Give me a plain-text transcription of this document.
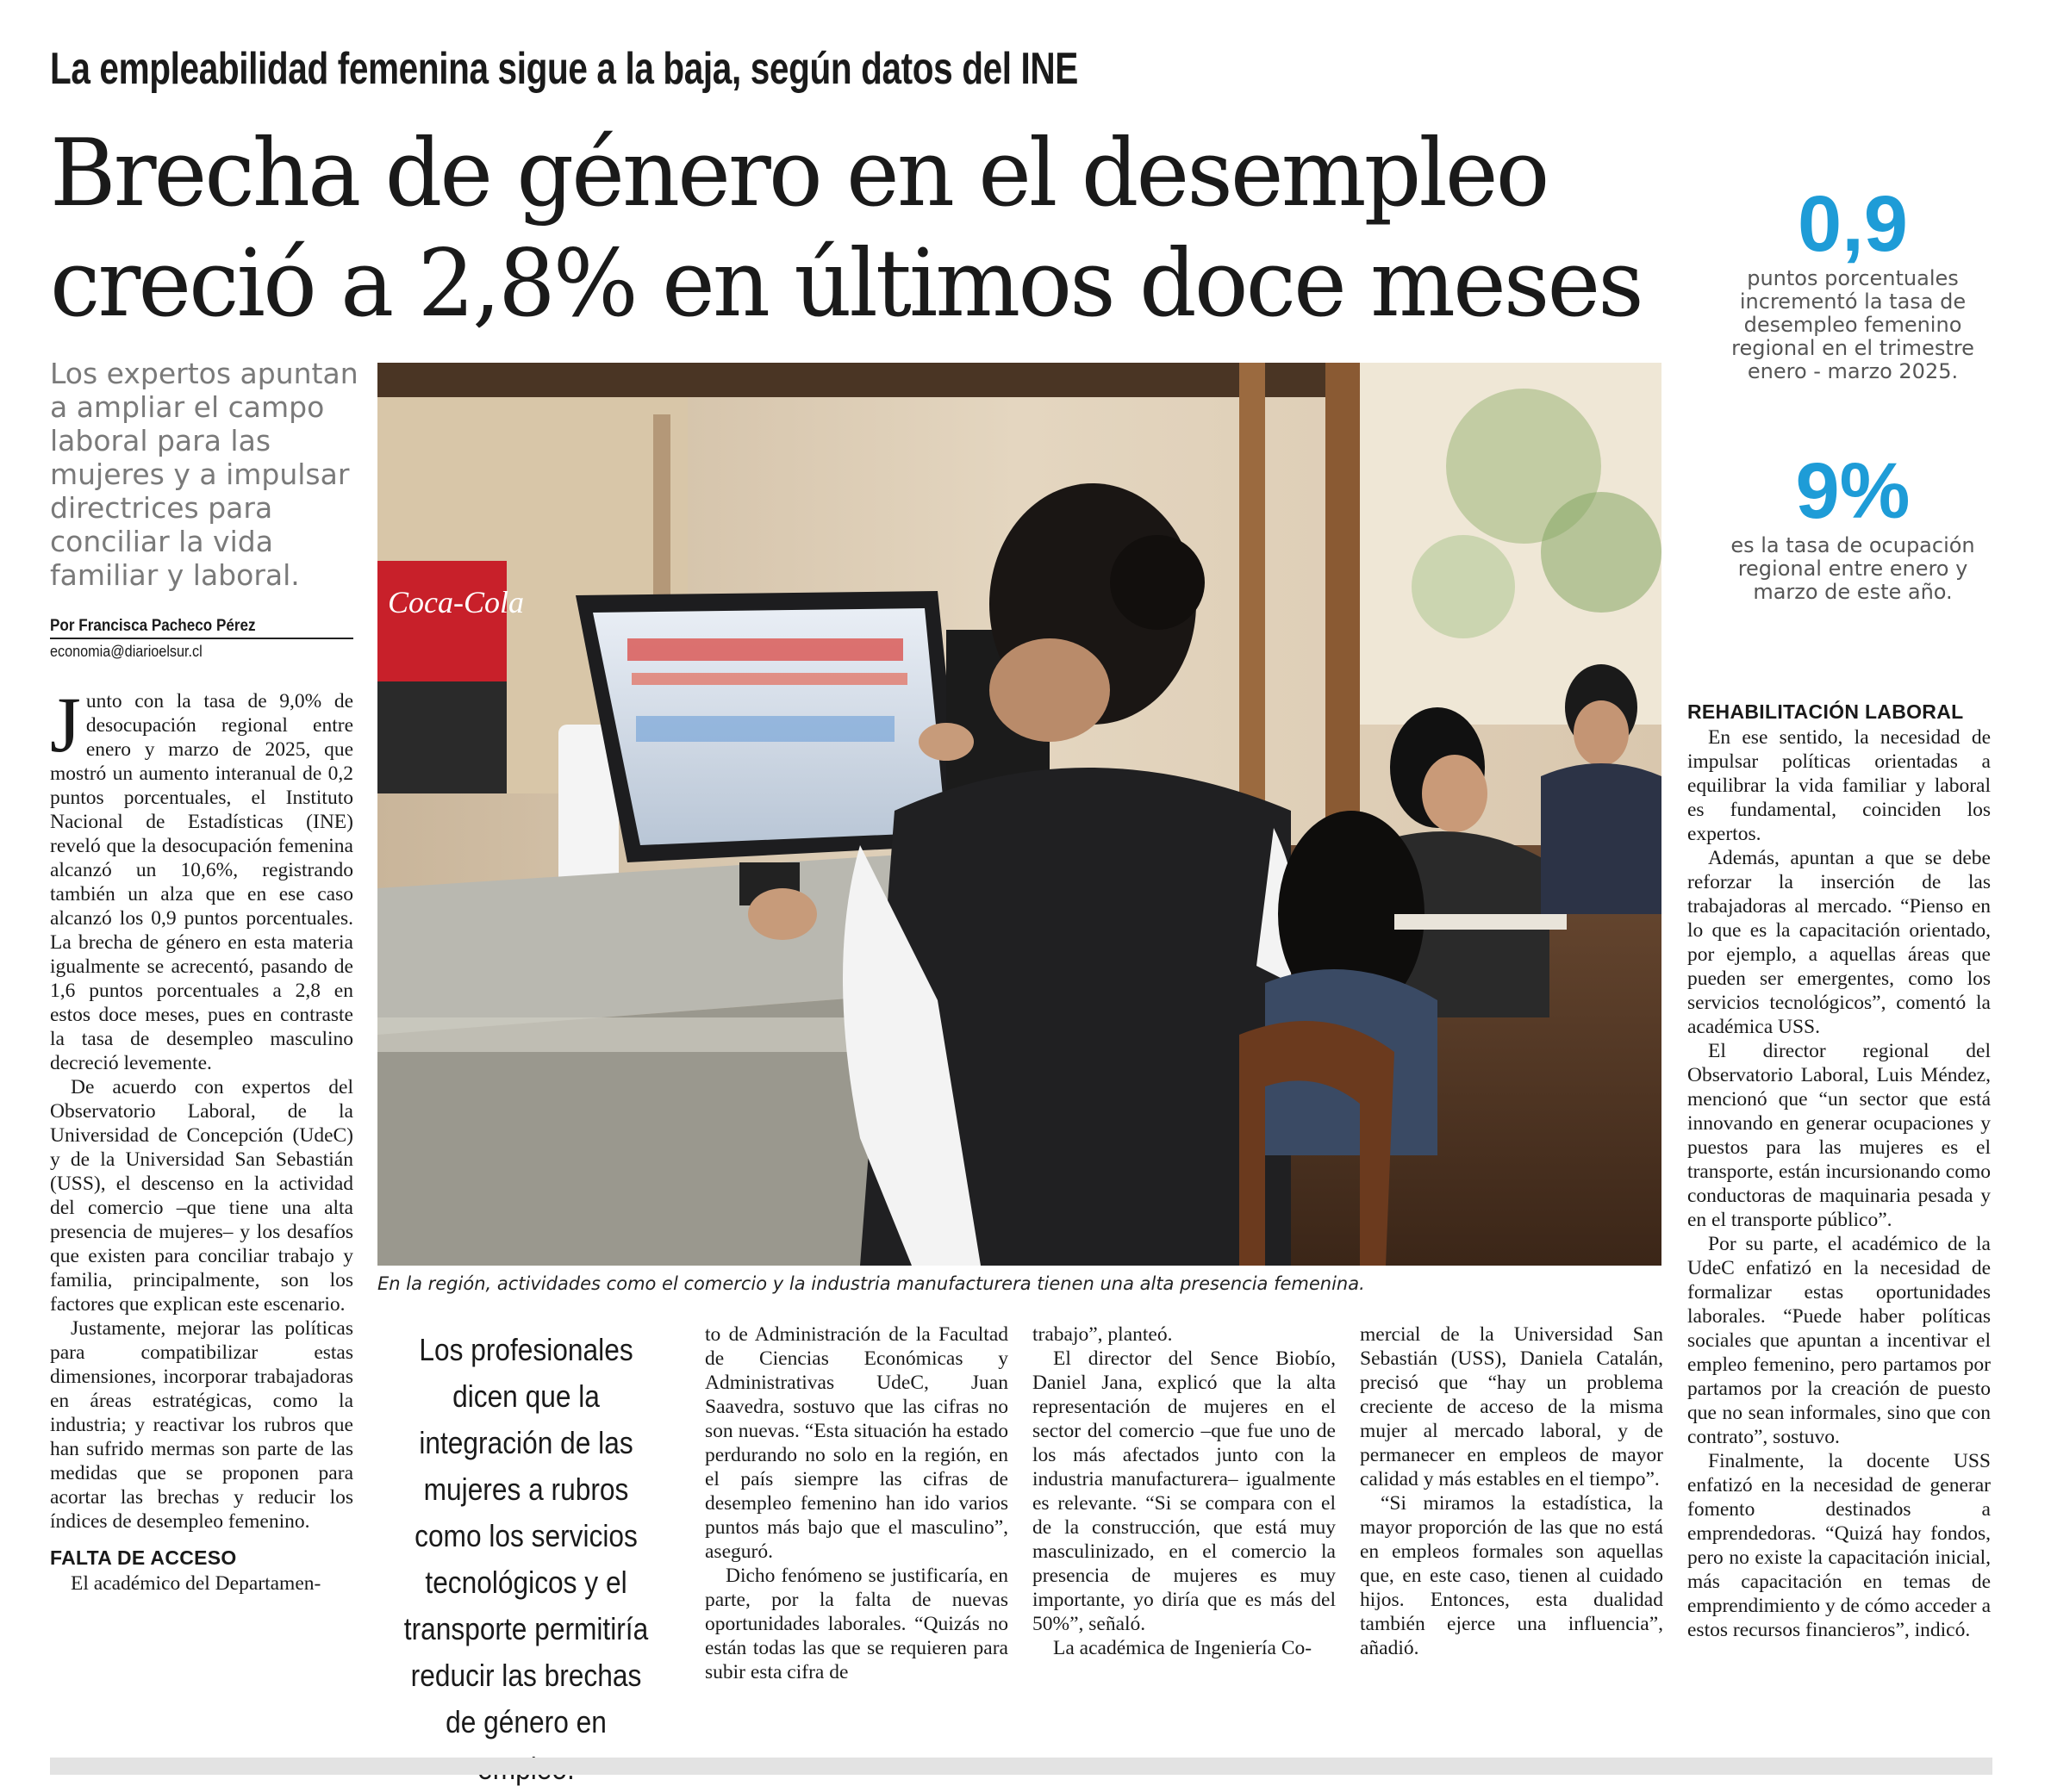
La empleabilidad femenina sigue a la baja, según datos del INE
Brecha de género en el desempleo
creció a 2,8% en últimos doce meses
0,9
puntos porcentuales
incrementó la tasa de
desempleo femenino
regional en el trimestre
enero - marzo 2025.
9%
es la tasa de ocupación
regional entre enero y
marzo de este año.
Los expertos apuntan a ampliar el campo laboral para las mujeres y a impulsar directrices para conciliar la vida familiar y laboral.
Por Francisca Pacheco Pérez
economia@diarioelsur.cl
Coca-Cola
En la región, actividades como el comercio y la industria manufacturera tienen una alta presencia femenina.
Los profesionales dicen que la integración de las mujeres a rubros como los servicios tecnológicos y el transporte permitiría reducir las brechas de género en

Junto con la tasa de 9,0% de desocupación regional entre enero y marzo de 2025, que mostró un aumento interanual de 0,2 puntos porcentuales, el Instituto Nacional de Estadísticas (INE) reveló que la desocupación femenina alcanzó un 10,6%, registrando también un alza que en ese caso alcanzó los 0,9 puntos porcentuales. La brecha de género en esta materia igualmente se acrecentó, pasando de 1,6 puntos porcentuales a 2,8 en estos doce meses, pues en contraste la tasa de desempleo masculino decreció levemente.

De acuerdo con expertos del Observatorio Laboral, de la Universidad de Concepción (UdeC) y de la Universidad San Sebastián (USS), el descenso en la actividad del comercio –que tiene una alta presencia de mujeres– y los desafíos que existen para conciliar trabajo y familia, principalmente, son los factores que explican este escenario.

Justamente, mejorar las políticas para compatibilizar estas dimensiones, incorporar trabajadoras en áreas estratégicas, como la industria; y reactivar los rubros que han sufrido mermas son parte de las medidas que se proponen para acortar las brechas y reducir los índices de desempleo femenino.

FALTA DE ACCESO

El académico del Departamen-

to de Administración de la Facultad de Ciencias Económicas y Administrativas UdeC, Juan Saavedra, sostuvo que las cifras no son nuevas. “Esta situación ha estado perdurando no solo en la región, en el país siempre las cifras de desempleo femenino han ido varios puntos más bajo que el masculino”, aseguró.

Dicho fenómeno se justificaría, en parte, por la falta de nuevas oportunidades laborales. “Quizás no están todas las que se requieren para subir esta cifra de

trabajo”, planteó.

El director del Sence Biobío, Daniel Jana, explicó que la alta representación de mujeres en el sector del comercio –que fue uno de los más afectados junto con la industria manufacturera– igualmente es relevante. “Si se compara con el de la construcción, que está muy masculinizado, en el comercio la presencia de mujeres es muy importante, yo diría que es más del 50%”, señaló.

La académica de Ingeniería Co-

mercial de la Universidad San Sebastián (USS), Daniela Catalán, precisó que “hay un problema creciente de acceso de la misma mujer al mercado laboral, y de permanecer en empleos de mayor calidad y más estables en el tiempo”.

“Si miramos la estadística, la mayor proporción de las que no está en empleos formales son aquellas que, en este caso, tienen al cuidado hijos. Entonces, esta dualidad también ejerce una influencia”, añadió.

REHABILITACIÓN LABORAL

En ese sentido, la necesidad de impulsar políticas orientadas a equilibrar la vida familiar y laboral es fundamental, coinciden los expertos.

Además, apuntan a que se debe reforzar la inserción de las trabajadoras al mercado. “Pienso en lo que es la capacitación orientado, por ejemplo, a aquellas áreas que pueden ser emergentes, como los servicios tecnológicos”, comentó la académica USS.

El director regional del Observatorio Laboral, Luis Méndez, mencionó que “un sector que está innovando en generar ocupaciones y puestos para las mujeres es el transporte, están incursionando como conductoras de maquinaria pesada y en el transporte público”.

Por su parte, el académico de la UdeC enfatizó en la necesidad de formalizar estas oportunidades laborales. “Puede haber políticas sociales que apuntan a incentivar el empleo femenino, pero partamos por partamos por la creación de puesto que no sean informales, sino que con contrato”, sostuvo.

Finalmente, la docente USS enfatizó en la necesidad de generar fomento destinados a emprendedoras. “Quizá hay fondos, pero no existe la capacitación inicial, más capacitación en temas de emprendimiento y de cómo acceder a estos recursos financieros”, indicó.
